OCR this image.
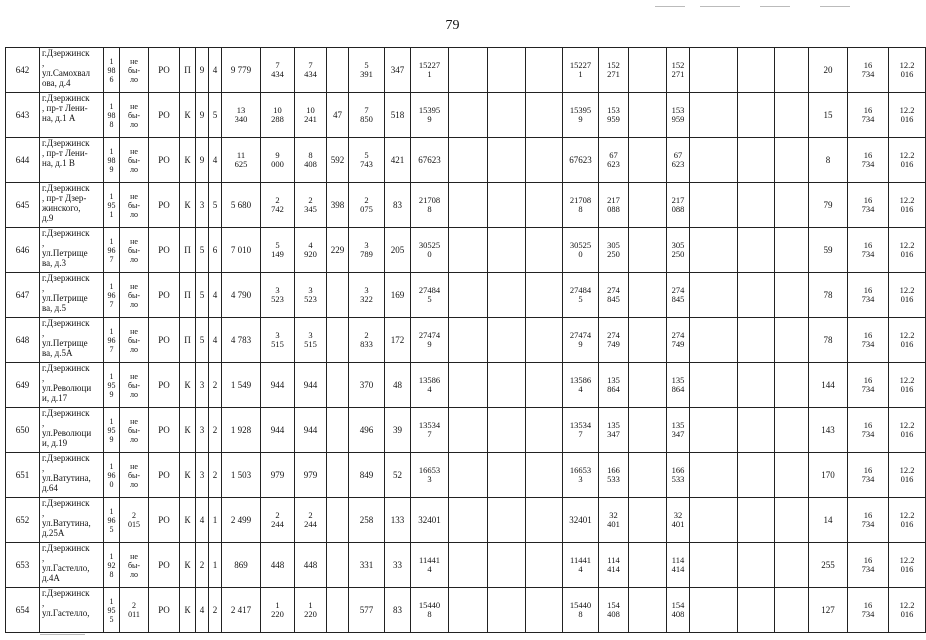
79
642	г.Дзержинск
,
ул.Самохвал
ова, д.4	1
98
6	не
бы-
ло	РО	П	9	4	9 779	7
434	7
434		5
391	347	15227
1				15227
1	152
271		152
271				20	16
734	12.2
016
643	г.Дзержинск
, пр-т Лени-
на, д.1 А	1
98
8	не
бы-
ло	РО	К	9	5	13
340	10
288	10
241	47	7
850	518	15395
9				15395
9	153
959		153
959				15	16
734	12.2
016
644	г.Дзержинск
, пр-т Лени-
на, д.1 В	1
98
9	не
бы-
ло	РО	К	9	4	11
625	9
000	8
408	592	5
743	421	67623				67623	67
623		67
623				8	16
734	12.2
016
645	г.Дзержинск
, пр-т Дзер-
жинского,
д.9	1
95
1	не
бы-
ло	РО	К	3	5	5 680	2
742	2
345	398	2
075	83	21708
8				21708
8	217
088		217
088				79	16
734	12.2
016
646	г.Дзержинск
,
ул.Петрище
ва, д.3	1
96
7	не
бы-
ло	РО	П	5	6	7 010	5
149	4
920	229	3
789	205	30525
0				30525
0	305
250		305
250				59	16
734	12.2
016
647	г.Дзержинск
,
ул.Петрище
ва, д.5	1
96
7	не
бы-
ло	РО	П	5	4	4 790	3
523	3
523		3
322	169	27484
5				27484
5	274
845		274
845				78	16
734	12.2
016
648	г.Дзержинск
,
ул.Петрище
ва, д.5А	1
96
7	не
бы-
ло	РО	П	5	4	4 783	3
515	3
515		2
833	172	27474
9				27474
9	274
749		274
749				78	16
734	12.2
016
649	г.Дзержинск
,
ул.Революци
и, д.17	1
95
9	не
бы-
ло	РО	К	3	2	1 549	944	944		370	48	13586
4				13586
4	135
864		135
864				144	16
734	12.2
016
650	г.Дзержинск
,
ул.Революци
и, д.19	1
95
9	не
бы-
ло	РО	К	3	2	1 928	944	944		496	39	13534
7				13534
7	135
347		135
347				143	16
734	12.2
016
651	г.Дзержинск
,
ул.Ватутина,
д.64	1
96
0	не
бы-
ло	РО	К	3	2	1 503	979	979		849	52	16653
3				16653
3	166
533		166
533				170	16
734	12.2
016
652	г.Дзержинск
,
ул.Ватутина,
д.25А	1
96
5	2
015	РО	К	4	1	2 499	2
244	2
244		258	133	32401				32401	32
401		32
401				14	16
734	12.2
016
653	г.Дзержинск
,
ул.Гастелло,
д.4А	1
92
8	не
бы-
ло	РО	К	2	1	869	448	448		331	33	11441
4				11441
4	114
414		114
414				255	16
734	12.2
016
654	г.Дзержинск
,
ул.Гастелло,	1
95
5	2
011	РО	К	4	2	2 417	1
220	1
220		577	83	15440
8				15440
8	154
408		154
408				127	16
734	12.2
016
